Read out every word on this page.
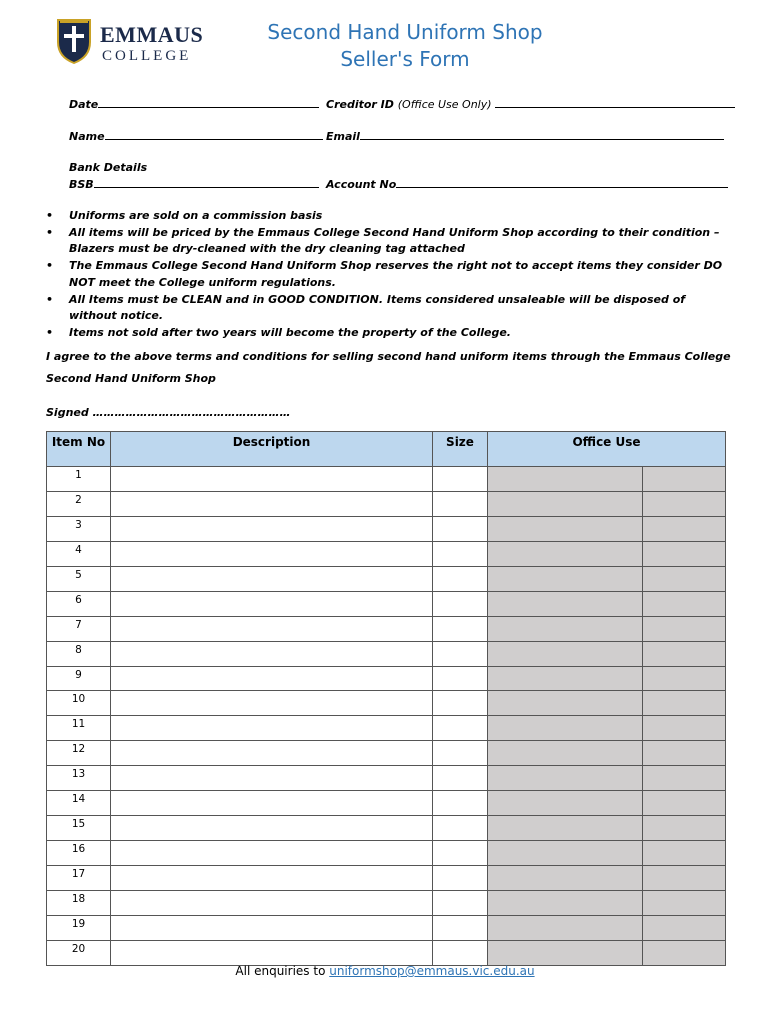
EMMAUS
COLLEGE
Second Hand Uniform Shop
Seller's Form
Date	Creditor ID (Office Use Only)
Name	Email
Bank Details
BSB	Account No
• Uniforms are sold on a commission basis
• All items will be priced by the Emmaus College Second Hand Uniform Shop according to their condition – Blazers must be dry-cleaned with the dry cleaning tag attached
• The Emmaus College Second Hand Uniform Shop reserves the right not to accept items they consider DO NOT meet the College uniform regulations.
• All Items must be CLEAN and in GOOD CONDITION. Items considered unsaleable will be disposed of without notice.
• Items not sold after two years will become the property of the College.
I agree to the above terms and conditions for selling second hand uniform items through the Emmaus College Second Hand Uniform Shop
Signed ………………………………………………
Item No	Description	Size	Office Use	
1				
2				
3				
4				
5				
6				
7				
8				
9				
10				
11				
12				
13				
14				
15				
16				
17				
18				
19				
20				
All enquiries to uniformshop@emmaus.vic.edu.au
